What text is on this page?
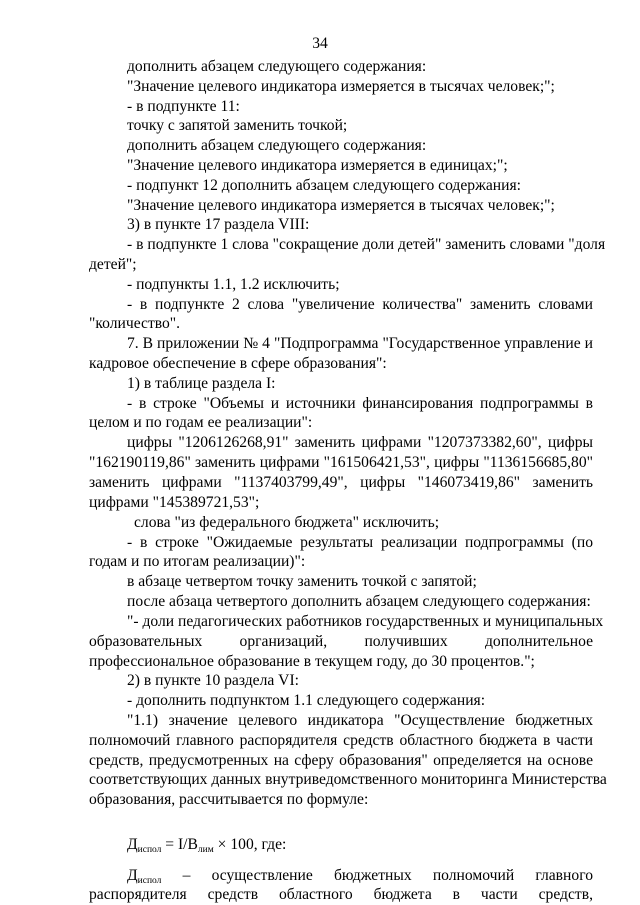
34
дополнить абзацем следующего содержания:
"Значение целевого индикатора измеряется в тысячах человек;";
- в подпункте 11:
точку с запятой заменить точкой;
дополнить абзацем следующего содержания:
"Значение целевого индикатора измеряется в единицах;";
- подпункт 12 дополнить абзацем следующего содержания:
"Значение целевого индикатора измеряется в тысячах человек;";
3) в пункте 17 раздела VIII:
- в подпункте 1 слова "сокращение доли детей" заменить словами "доля
детей";
- подпункты 1.1, 1.2 исключить;
- в подпункте 2 слова "увеличение количества" заменить словами
"количество".
7. В приложении № 4 "Подпрограмма "Государственное управление и
кадровое обеспечение в сфере образования":
1) в таблице раздела I:
- в строке "Объемы и источники финансирования подпрограммы в
целом и по годам ее реализации":
цифры "1206126268,91" заменить цифрами "1207373382,60", цифры
"162190119,86" заменить цифрами "161506421,53", цифры "1136156685,80"
заменить цифрами "1137403799,49", цифры "146073419,86" заменить
цифрами "145389721,53";
слова "из федерального бюджета" исключить;
- в строке "Ожидаемые результаты реализации подпрограммы (по
годам и по итогам реализации)":
в абзаце четвертом точку заменить точкой с запятой;
после абзаца четвертого дополнить абзацем следующего содержания:
"- доли педагогических работников государственных и муниципальных
образовательных организаций, получивших дополнительное
профессиональное образование в текущем году, до 30 процентов.";
2) в пункте 10 раздела VI:
- дополнить подпунктом 1.1 следующего содержания:
"1.1) значение целевого индикатора "Осуществление бюджетных
полномочий главного распорядителя средств областного бюджета в части
средств, предусмотренных на сферу образования" определяется на основе
соответствующих данных внутриведомственного мониторинга Министерства
образования, рассчитывается по формуле:
$Д_{испол} = I/В_{лим} \times 100$, где:
$Д_{испол}$ – осуществление бюджетных полномочий главного
распорядителя средств областного бюджета в части средств,
